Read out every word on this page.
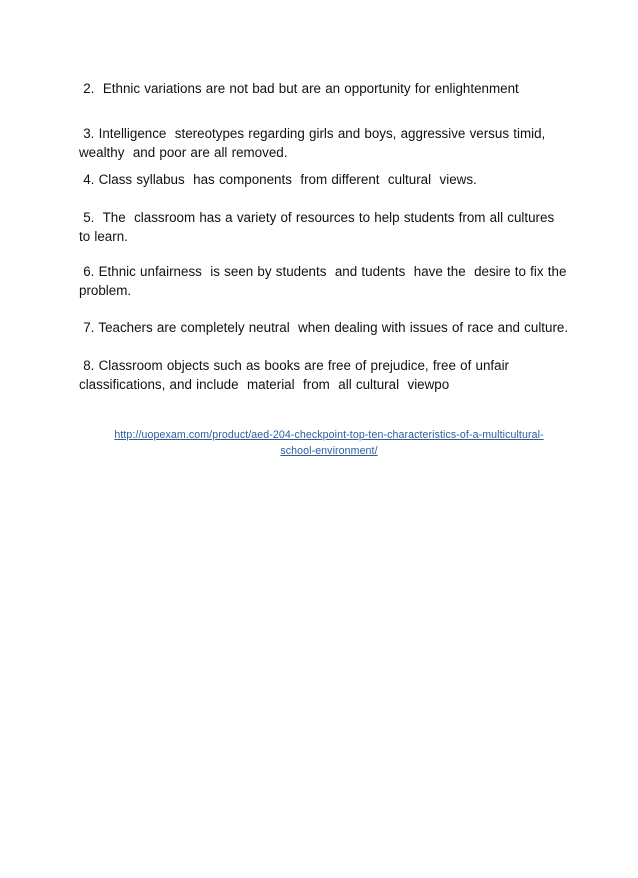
2.  Ethnic variations are not bad but are an opportunity for enlightenment
3. Intelligence  stereotypes regarding girls and boys, aggressive versus timid, wealthy  and poor are all removed.
4. Class syllabus  has components  from different  cultural  views.
5.  The  classroom has a variety of resources to help students from all cultures  to learn.
6. Ethnic unfairness  is seen by students  and tudents  have the  desire to fix the problem.
7. Teachers are completely neutral  when dealing with issues of race and culture.
8. Classroom objects such as books are free of prejudice, free of unfair classifications, and include  material  from  all cultural  viewpo
http://uopexam.com/product/aed-204-checkpoint-top-ten-characteristics-of-a-multicultural-
school-environment/
